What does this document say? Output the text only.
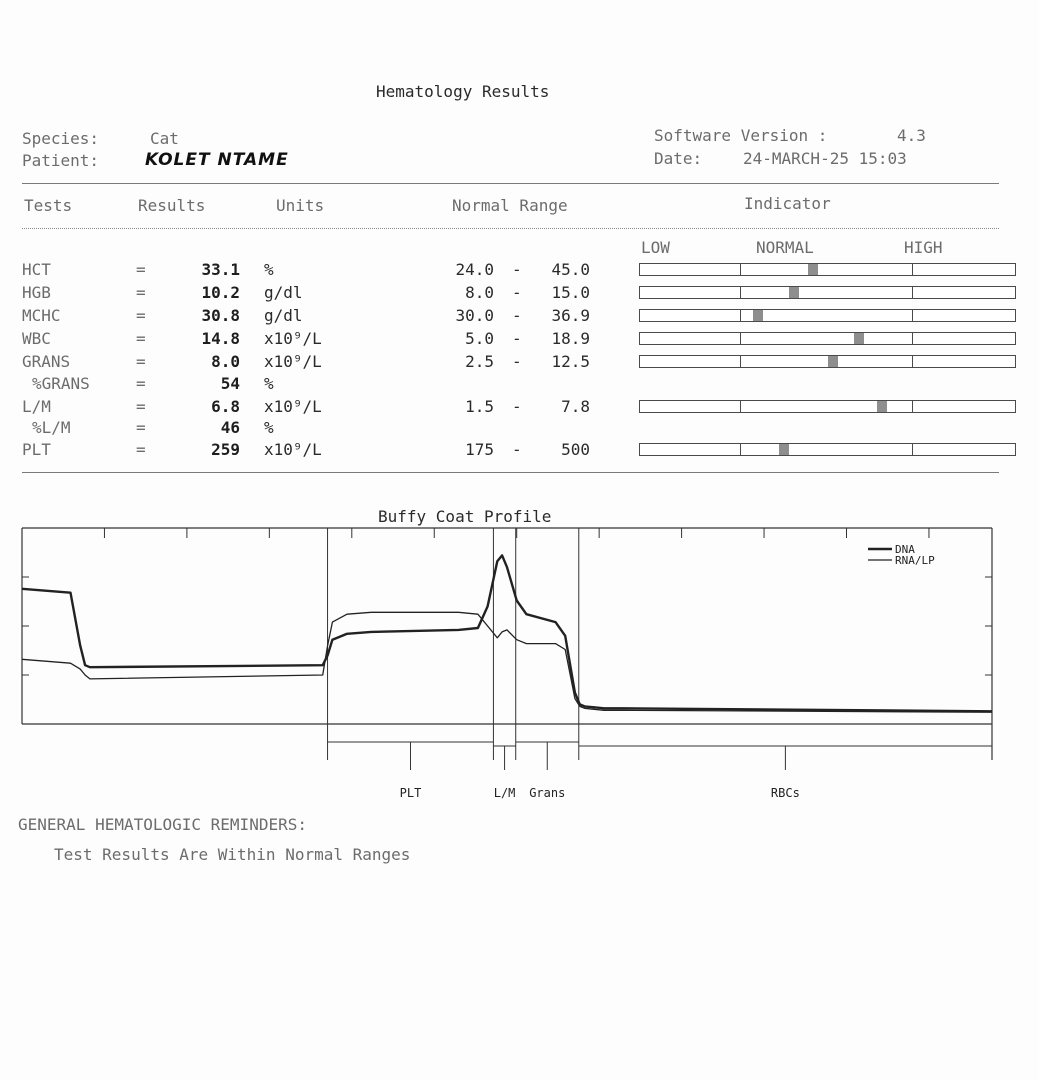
Hematology Results
Species:	Cat
Patient:	KOLET NTAME
Software Version :	4.3
Date:	24-MARCH-25 15:03
Tests	Results	Units	Normal Range	Indicator
LOW	NORMAL	HIGH
HCT	=	33.1 %	24.0 -	45.0
HGB	=	10.2 g/dl	8.0 -	15.0
MCHC	=	30.8 g/dl	30.0 -	36.9
WBC	=	14.8 x10⁹/L	5.0 -	18.9
GRANS	=	8.0 x10⁹/L	2.5 -	12.5
%GRANS	=	54 %
L/M	=	6.8 x10⁹/L	1.5 -	7.8
%L/M	=	46 %
PLT	=	259 x10⁹/L	175 -	500
Buffy Coat Profile
PLT	L/M Grans	RBCs
DNA
RNA/LP
GENERAL HEMATOLOGIC REMINDERS:
Test Results Are Within Normal Ranges
